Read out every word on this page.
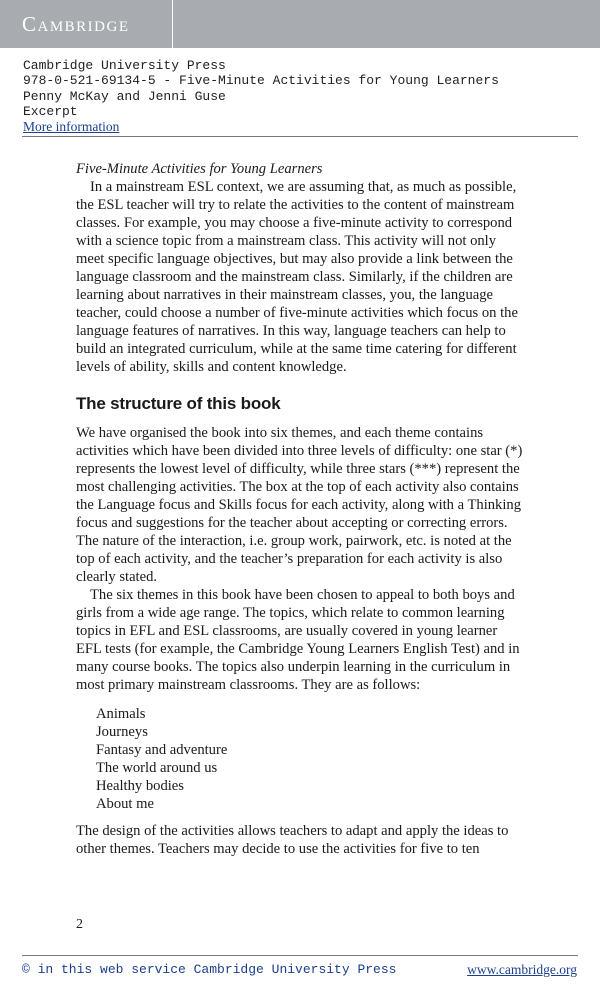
Cambridge
Cambridge University Press
978-0-521-69134-5 - Five-Minute Activities for Young Learners
Penny McKay and Jenni Guse
Excerpt
More information

Five-Minute Activities for Young Learners

In a mainstream ESL context, we are assuming that, as much as possible, the ESL teacher will try to relate the activities to the content of mainstream classes. For example, you may choose a five-minute activity to correspond with a science topic from a mainstream class. This activity will not only meet specific language objectives, but may also provide a link between the language classroom and the mainstream class. Similarly, if the children are learning about narratives in their mainstream classes, you, the language teacher, could choose a number of five-minute activities which focus on the language features of narratives. In this way, language teachers can help to build an integrated curriculum, while at the same time catering for different levels of ability, skills and content knowledge.

The structure of this book

We have organised the book into six themes, and each theme contains activities which have been divided into three levels of difficulty: one star (*) represents the lowest level of difficulty, while three stars (***) represent the most challenging activities. The box at the top of each activity also contains the Language focus and Skills focus for each activity, along with a Thinking focus and suggestions for the teacher about accepting or correcting errors. The nature of the interaction, i.e. group work, pairwork, etc. is noted at the top of each activity, and the teacher’s preparation for each activity is also clearly stated.

The six themes in this book have been chosen to appeal to both boys and girls from a wide age range. The topics, which relate to common learning topics in EFL and ESL classrooms, are usually covered in young learner EFL tests (for example, the Cambridge Young Learners English Test) and in many course books. The topics also underpin learning in the curriculum in most primary mainstream classrooms. They are as follows:

Animals
Journeys
Fantasy and adventure
The world around us
Healthy bodies
About me

The design of the activities allows teachers to adapt and apply the ideas to other themes. Teachers may decide to use the activities for five to ten

2
© in this web service Cambridge University Press	www.cambridge.org
